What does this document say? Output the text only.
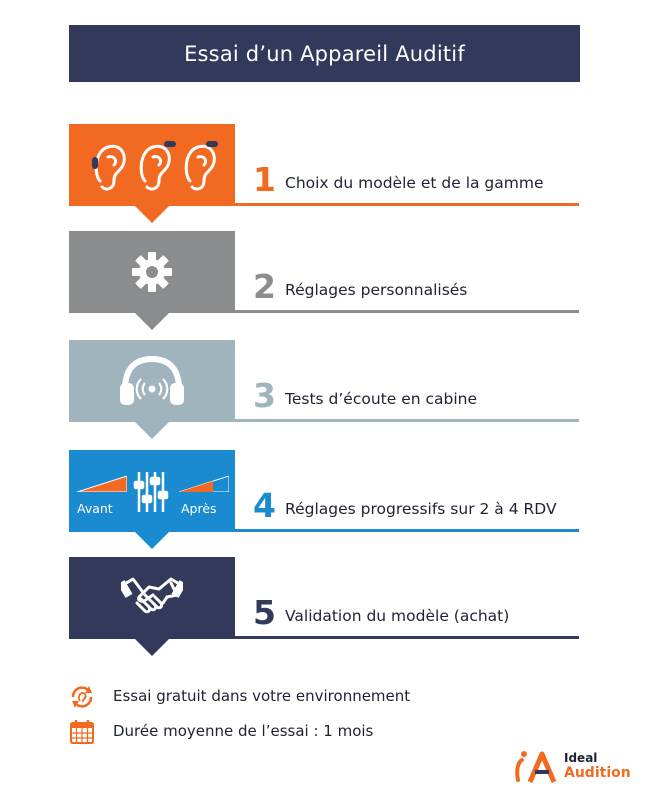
Essai d’un Appareil Auditif
1 Choix du modèle et de la gamme
2 Réglages personnalisés
3 Tests d’écoute en cabine
Avant	Après 4 Réglages progressifs sur 2 à 4 RDV
5 Validation du modèle (achat)
Essai gratuit dans votre environnement
Durée moyenne de l’essai : 1 mois
Ideal
Audition
